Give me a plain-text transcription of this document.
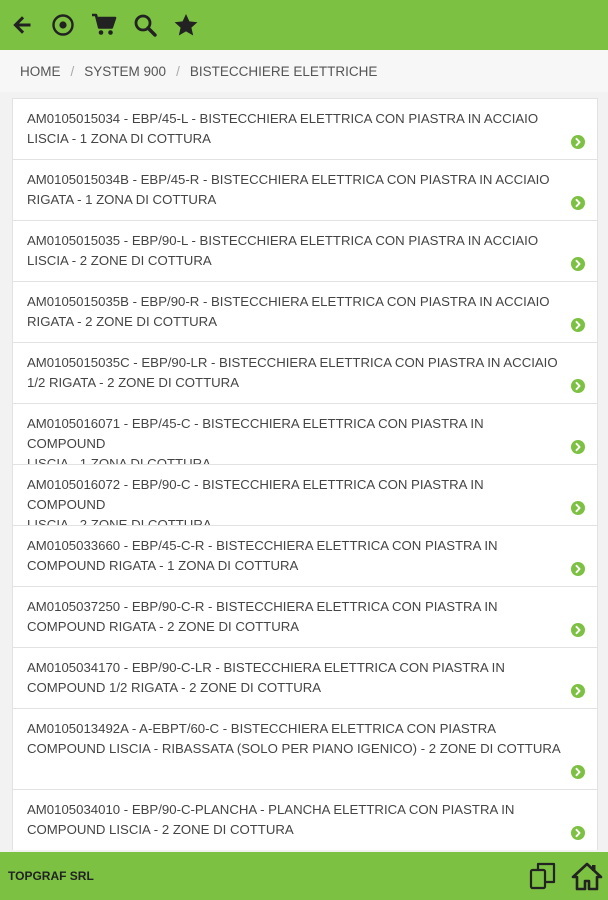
HOME / SYSTEM 900 / BISTECCHIERE ELETTRICHE
AM0105015034 - EBP/45-L - BISTECCHIERA ELETTRICA CON PIASTRA IN ACCIAIO
LISCIA - 1 ZONA DI COTTURA
AM0105015034B - EBP/45-R - BISTECCHIERA ELETTRICA CON PIASTRA IN ACCIAIO
RIGATA - 1 ZONA DI COTTURA
AM0105015035 - EBP/90-L - BISTECCHIERA ELETTRICA CON PIASTRA IN ACCIAIO
LISCIA - 2 ZONE DI COTTURA
AM0105015035B - EBP/90-R - BISTECCHIERA ELETTRICA CON PIASTRA IN ACCIAIO
RIGATA - 2 ZONE DI COTTURA
AM0105015035C - EBP/90-LR - BISTECCHIERA ELETTRICA CON PIASTRA IN ACCIAIO
1/2 RIGATA - 2 ZONE DI COTTURA
AM0105016071 - EBP/45-C - BISTECCHIERA ELETTRICA CON PIASTRA IN COMPOUND
AM0105016072 - EBP/90-C - BISTECCHIERA ELETTRICA CON PIASTRA IN COMPOUND
AM0105033660 - EBP/45-C-R - BISTECCHIERA ELETTRICA CON PIASTRA IN
COMPOUND RIGATA - 1 ZONA DI COTTURA
AM0105037250 - EBP/90-C-R - BISTECCHIERA ELETTRICA CON PIASTRA IN
COMPOUND RIGATA - 2 ZONE DI COTTURA
AM0105034170 - EBP/90-C-LR - BISTECCHIERA ELETTRICA CON PIASTRA IN
COMPOUND 1/2 RIGATA - 2 ZONE DI COTTURA
AM0105013492A - A-EBPT/60-C - BISTECCHIERA ELETTRICA CON PIASTRA
COMPOUND LISCIA - RIBASSATA (SOLO PER PIANO IGENICO) - 2 ZONE DI COTTURA
AM0105034010 - EBP/90-C-PLANCHA - PLANCHA ELETTRICA CON PIASTRA IN
COMPOUND LISCIA - 2 ZONE DI COTTURA
TOPGRAF SRL
